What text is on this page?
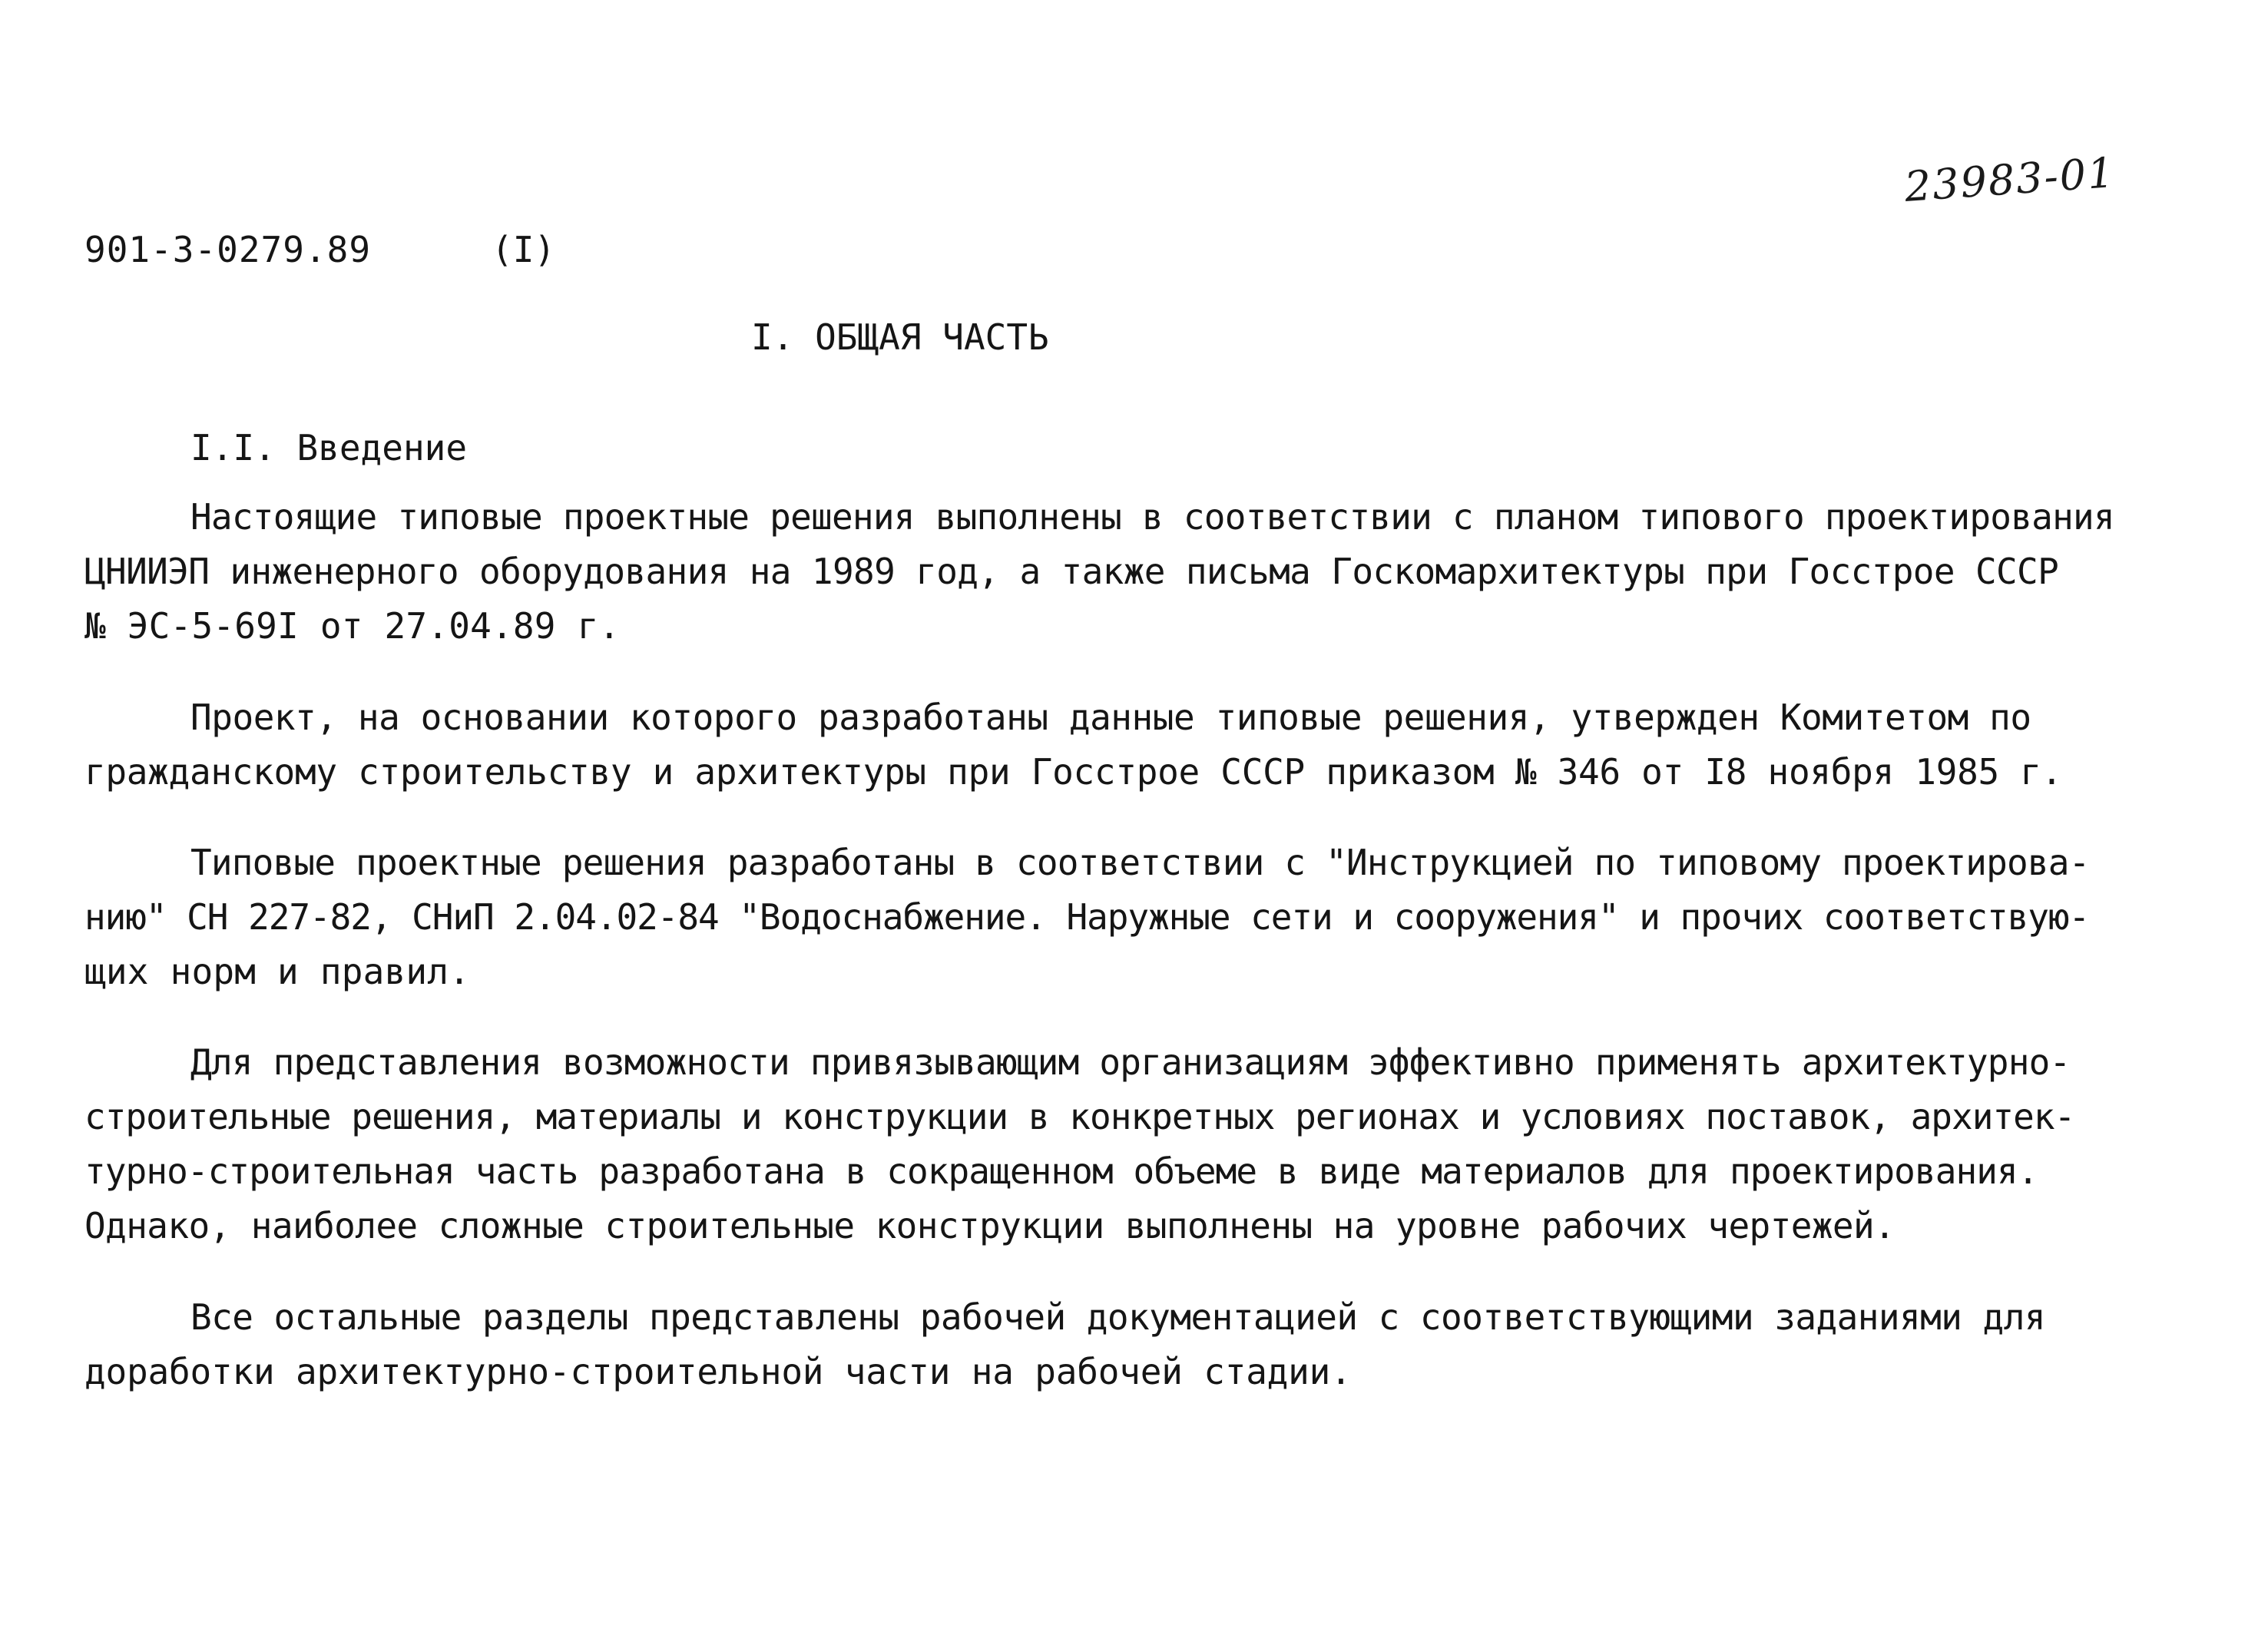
23983-01
901-3-0279.89	(I)
I. ОБЩАЯ ЧАСТЬ
I.I. Введение
Настоящие типовые проектные решения выполнены в соответствии с планом типового проектирования
ЦНИИЭП инженерного оборудования на 1989 год, а также письма Госкомархитектуры при Госстрое СССР
№ ЭС-5-69I от 27.04.89 г.
Проект, на основании которого разработаны данные типовые решения, утвержден Комитетом по
гражданскому строительству и архитектуры при Госстрое СССР приказом № 346 от I8 ноября 1985 г.
Типовые проектные решения разработаны в соответствии с "Инструкцией по типовому проектирова-
нию" СН 227-82, СНиП 2.04.02-84 "Водоснабжение. Наружные сети и сооружения" и прочих соответствую-
щих норм и правил.
Для представления возможности привязывающим организациям эффективно применять архитектурно-
строительные решения, материалы и конструкции в конкретных регионах и условиях поставок, архитек-
турно-строительная часть разработана в сокращенном объеме в виде материалов для проектирования.
Однако, наиболее сложные строительные конструкции выполнены на уровне рабочих чертежей.
Все остальные разделы представлены рабочей документацией с соответствующими заданиями для
доработки архитектурно-строительной части на рабочей стадии.
